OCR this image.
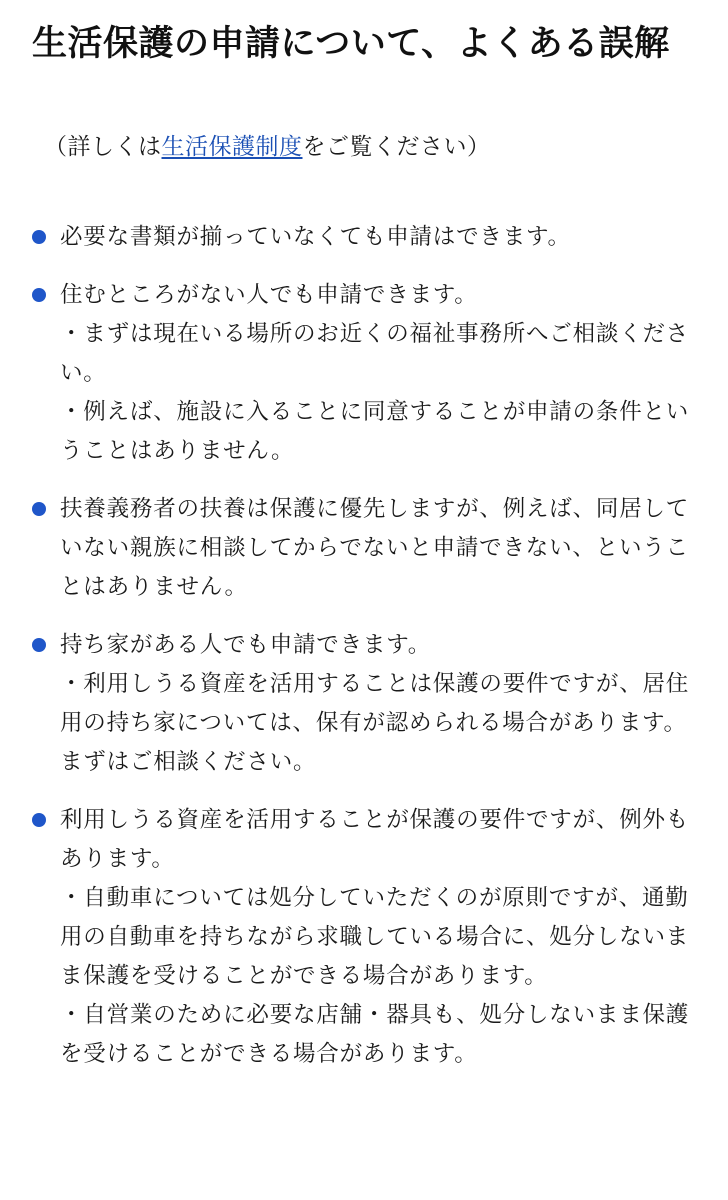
生活保護の申請について、よくある誤解

（詳しくは生活保護制度をご覧ください）

必要な書類が揃っていなくても申請はできます。
住むところがない人でも申請できます。
・まずは現在いる場所のお近くの福祉事務所へご相談ください。
・例えば、施設に入ることに同意することが申請の条件ということはありません。
扶養義務者の扶養は保護に優先しますが、例えば、同居していない親族に相談してからでないと申請できない、ということはありません。
持ち家がある人でも申請できます。
・利用しうる資産を活用することは保護の要件ですが、居住用の持ち家については、保有が認められる場合があります。まずはご相談ください。
利用しうる資産を活用することが保護の要件ですが、例外もあります。
・自動車については処分していただくのが原則ですが、通勤用の自動車を持ちながら求職している場合に、処分しないまま保護を受けることができる場合があります。
・自営業のために必要な店舗・器具も、処分しないまま保護を受けることができる場合があります。
